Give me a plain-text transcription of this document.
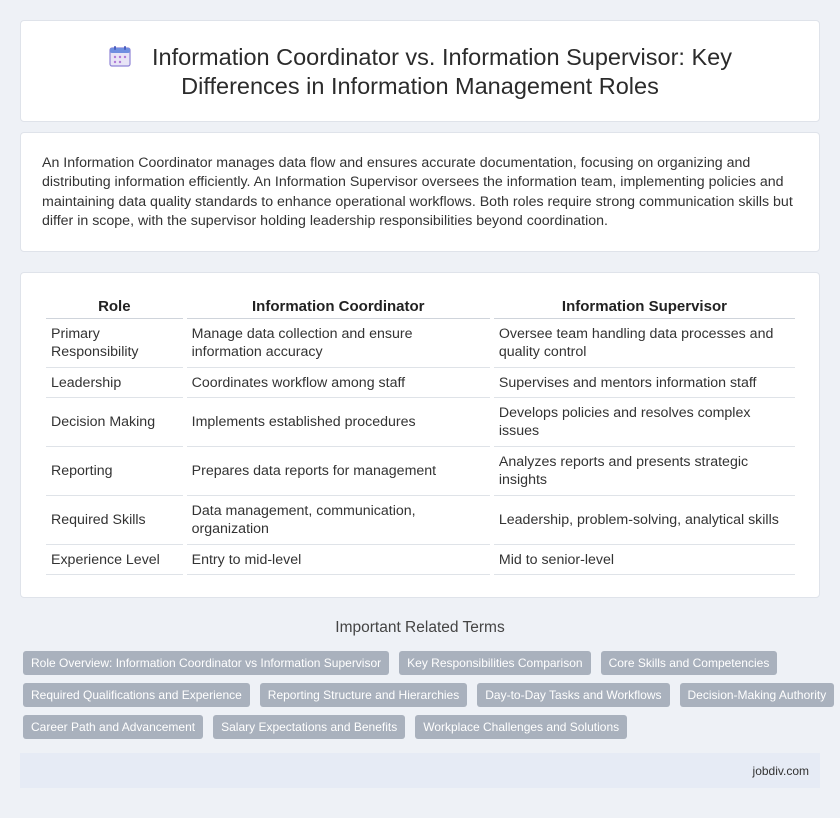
Information Coordinator vs. Information Supervisor: Key Differences in Information Management Roles

An Information Coordinator manages data flow and ensures accurate documentation, focusing on organizing and distributing information efficiently. An Information Supervisor oversees the information team, implementing policies and maintaining data quality standards to enhance operational workflows. Both roles require strong communication skills but differ in scope, with the supervisor holding leadership responsibilities beyond coordination.

Role	Information Coordinator	Information Supervisor
Primary Responsibility	Manage data collection and ensure information accuracy	Oversee team handling data processes and quality control
Leadership	Coordinates workflow among staff	Supervises and mentors information staff
Decision Making	Implements established procedures	Develops policies and resolves complex issues
Reporting	Prepares data reports for management	Analyzes reports and presents strategic insights
Required Skills	Data management, communication, organization	Leadership, problem-solving, analytical skills
Experience Level	Entry to mid-level	Mid to senior-level
Important Related Terms
Role Overview: Information Coordinator vs Information Supervisor	Key Responsibilities Comparison	Core Skills and Competencies
Required Qualifications and Experience	Reporting Structure and Hierarchies	Day-to-Day Tasks and Workflows	Decision-Making Authority
Career Path and Advancement	Salary Expectations and Benefits	Workplace Challenges and Solutions
jobdiv.com
